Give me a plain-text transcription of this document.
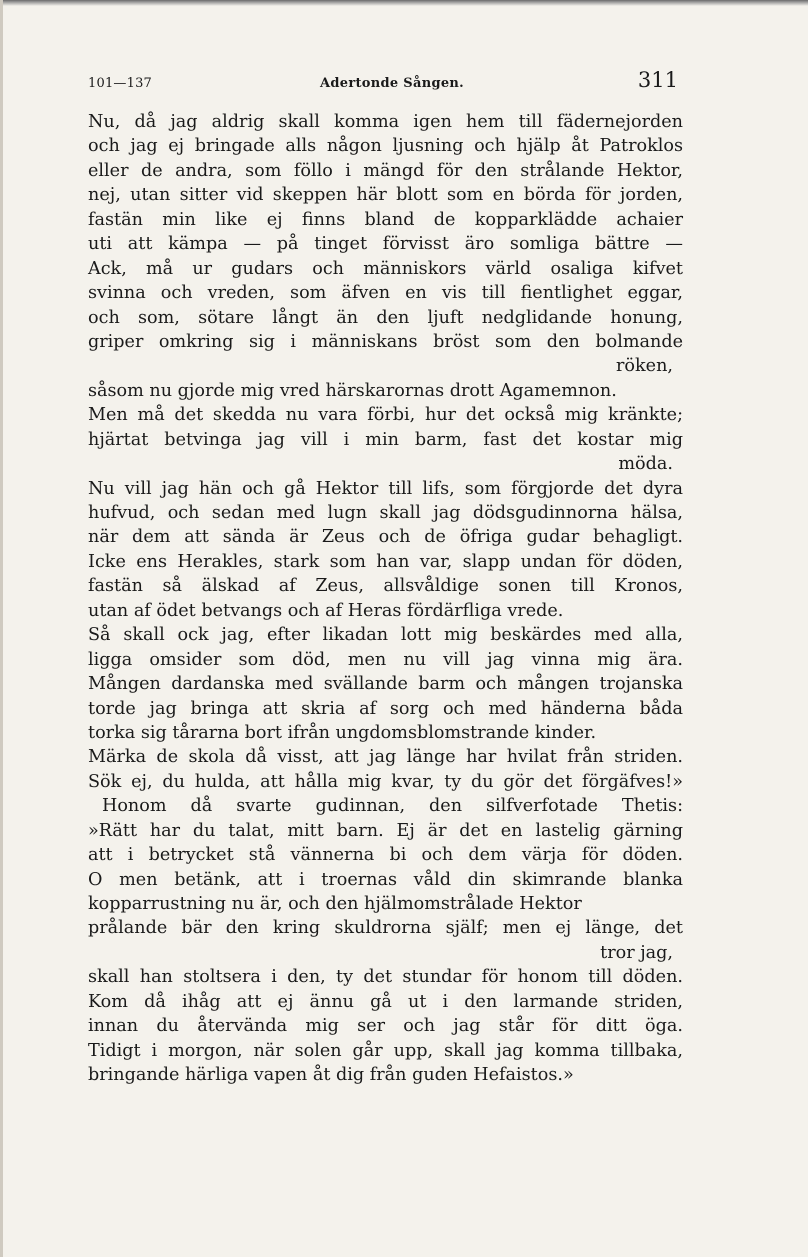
101—137	Adertonde Sången.	311
Nu, då jag aldrig skall komma igen hem till fädernejorden
och jag ej bringade alls någon ljusning och hjälp åt Patroklos
eller de andra, som föllo i mängd för den strålande Hektor,
nej, utan sitter vid skeppen här blott som en börda för jorden,
fastän min like ej finns bland de kopparklädde achaier
uti att kämpa — på tinget förvisst äro somliga bättre —
Ack, må ur gudars och människors värld osaliga kifvet
svinna och vreden, som äfven en vis till fientlighet eggar,
och som, sötare långt än den ljuft nedglidande honung,
griper omkring sig i människans bröst som den bolmande
röken,
såsom nu gjorde mig vred härskarornas drott Agamemnon.
Men må det skedda nu vara förbi, hur det också mig kränkte;
hjärtat betvinga jag vill i min barm, fast det kostar mig
möda.
Nu vill jag hän och gå Hektor till lifs, som förgjorde det dyra
hufvud, och sedan med lugn skall jag dödsgudinnorna hälsa,
när dem att sända är Zeus och de öfriga gudar behagligt.
Icke ens Herakles, stark som han var, slapp undan för döden,
fastän så älskad af Zeus, allsvåldige sonen till Kronos,
utan af ödet betvangs och af Heras fördärfliga vrede.
Så skall ock jag, efter likadan lott mig beskärdes med alla,
ligga omsider som död, men nu vill jag vinna mig ära.
Mången dardanska med svällande barm och mången trojanska
torde jag bringa att skria af sorg och med händerna båda
torka sig tårarna bort ifrån ungdomsblomstrande kinder.
Märka de skola då visst, att jag länge har hvilat från striden.
Sök ej, du hulda, att hålla mig kvar, ty du gör det förgäfves!»
Honom då svarte gudinnan, den silfverfotade Thetis:
»Rätt har du talat, mitt barn. Ej är det en lastelig gärning
att i betrycket stå vännerna bi och dem värja för döden.
O men betänk, att i troernas våld din skimrande blanka
kopparrustning nu är, och den hjälmomstrålade Hektor
prålande bär den kring skuldrorna själf; men ej länge, det
tror jag,
skall han stoltsera i den, ty det stundar för honom till döden.
Kom då ihåg att ej ännu gå ut i den larmande striden,
innan du återvända mig ser och jag står för ditt öga.
Tidigt i morgon, när solen går upp, skall jag komma tillbaka,
bringande härliga vapen åt dig från guden Hefaistos.»
